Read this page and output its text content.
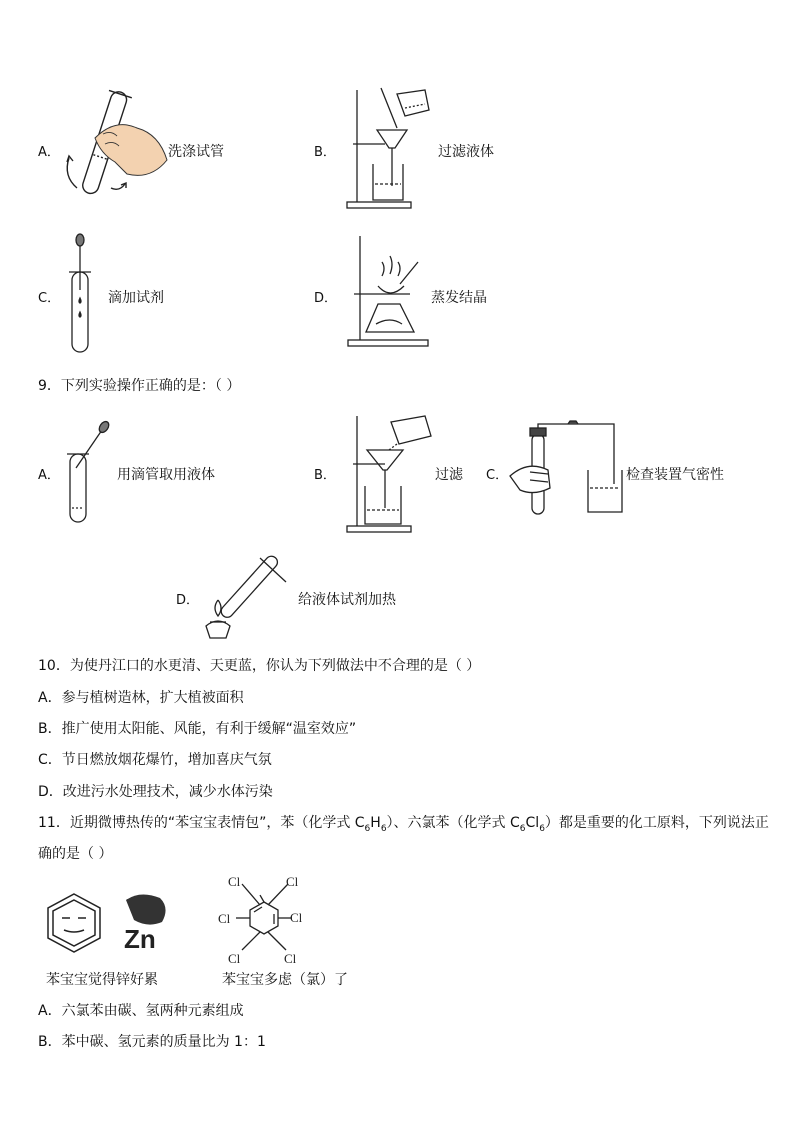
A．	洗涤试管	B．	过滤液体
C．	滴加试剂	D．	蒸发结晶
9．下列实验操作正确的是：（ ）
A．	用滴管取用液体	B．	过滤 C．	检查装置气密性
D．	给液体试剂加热
10．为使丹江口的水更清、天更蓝，你认为下列做法中不合理的是（ ）
A．参与植树造林，扩大植被面积
B．推广使用太阳能、风能，有利于缓解“温室效应”
C．节日燃放烟花爆竹，增加喜庆气氛
D．改进污水处理技术，减少水体污染
11．近期微博热传的“苯宝宝表情包”，苯（化学式 $C_6H_6$）、六氯苯（化学式 $C_6Cl_6$）都是重要的化工原料，下列说法正
确的是（ ）
Zn
苯宝宝觉得锌好累
Cl	Cl
Cl	Cl
Cl	Cl
苯宝宝多虑（氯）了
A．六氯苯由碳、氢两种元素组成
B．苯中碳、氢元素的质量比为 1：1
